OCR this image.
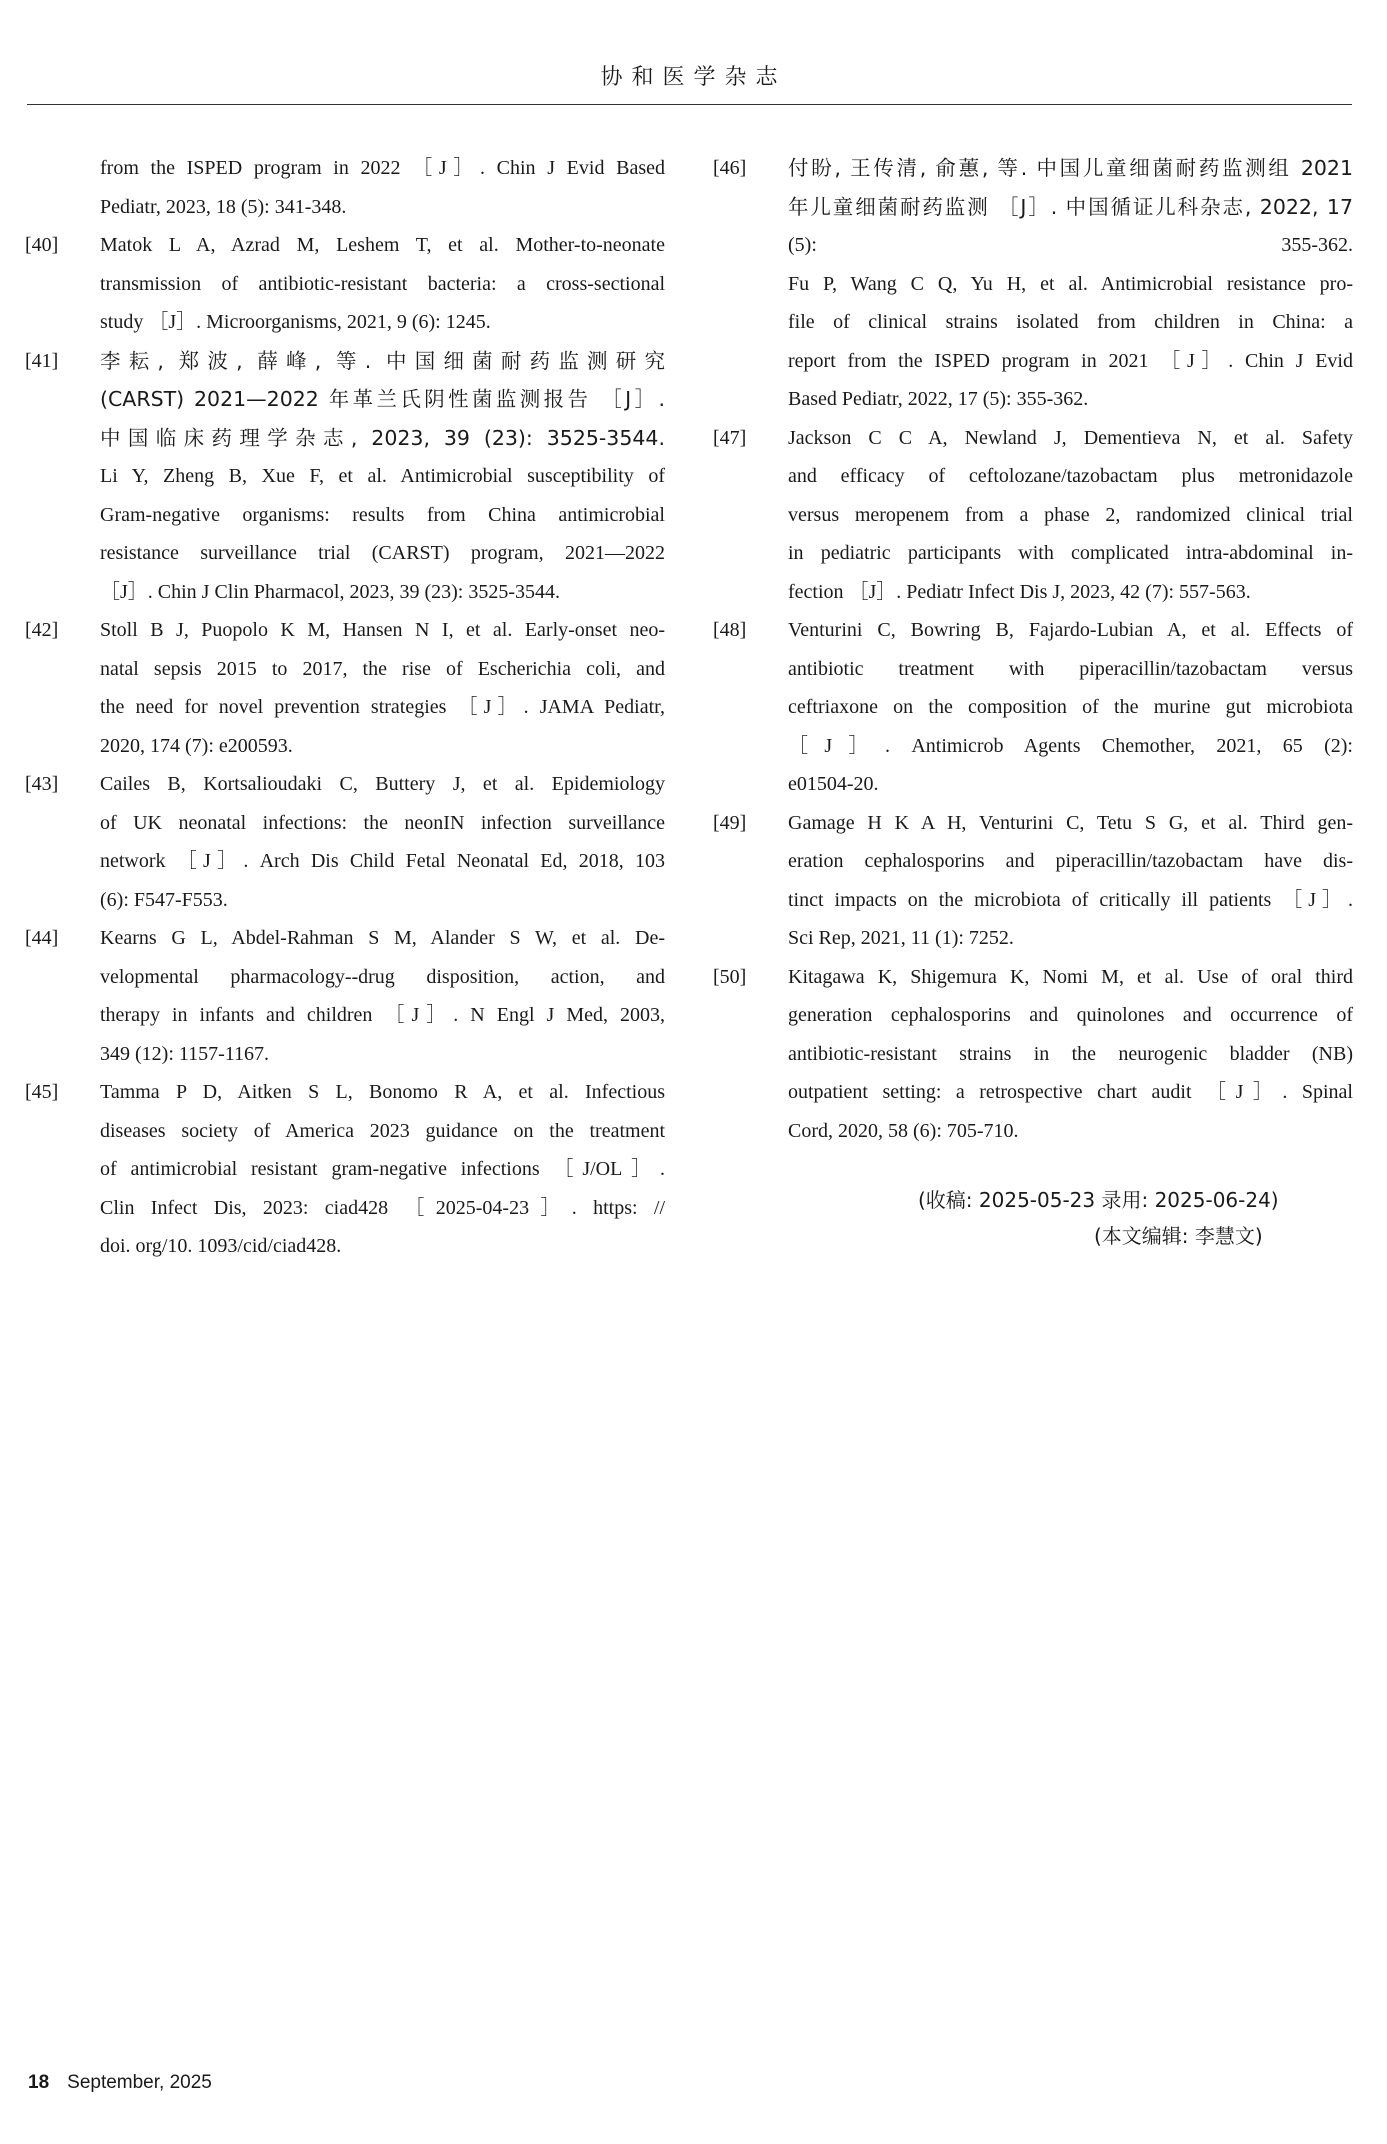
协和医学杂志
from the ISPED program in 2022 ［J］. Chin J Evid Based
Pediatr, 2023, 18 (5): 341-348.
[40]	Matok L A, Azrad M, Leshem T, et al. Mother-to-neonate
transmission of antibiotic-resistant bacteria: a cross-sectional
study ［J］. Microorganisms, 2021, 9 (6): 1245.
[41]	李耘, 郑波, 薛峰, 等. 中国细菌耐药监测研究
(CARST) 2021—2022 年革兰氏阴性菌监测报告 ［J］.
中国临床药理学杂志, 2023, 39 (23): 3525-3544.
Li Y, Zheng B, Xue F, et al. Antimicrobial susceptibility of
Gram-negative organisms: results from China antimicrobial
resistance surveillance trial (CARST) program, 2021—2022
［J］. Chin J Clin Pharmacol, 2023, 39 (23): 3525-3544.
[42]	Stoll B J, Puopolo K M, Hansen N I, et al. Early-onset neo-
natal sepsis 2015 to 2017, the rise of Escherichia coli, and
the need for novel prevention strategies ［J］. JAMA Pediatr,
2020, 174 (7): e200593.
[43]	Cailes B, Kortsalioudaki C, Buttery J, et al. Epidemiology
of UK neonatal infections: the neonIN infection surveillance
network ［J］. Arch Dis Child Fetal Neonatal Ed, 2018, 103
(6): F547-F553.
[44]	Kearns G L, Abdel-Rahman S M, Alander S W, et al. De-
velopmental pharmacology--drug disposition, action, and
therapy in infants and children ［J］. N Engl J Med, 2003,
349 (12): 1157-1167.
[45]	Tamma P D, Aitken S L, Bonomo R A, et al. Infectious
diseases society of America 2023 guidance on the treatment
of antimicrobial resistant gram-negative infections ［J/OL］.
Clin Infect Dis, 2023: ciad428 ［2025-04-23］. https: //
doi. org/10. 1093/cid/ciad428.
[46]	付盼, 王传清, 俞蕙, 等. 中国儿童细菌耐药监测组 2021
年儿童细菌耐药监测 ［J］. 中国循证儿科杂志, 2022, 17
(5): 355-362.
Fu P, Wang C Q, Yu H, et al. Antimicrobial resistance pro-
file of clinical strains isolated from children in China: a
report from the ISPED program in 2021 ［J］. Chin J Evid
Based Pediatr, 2022, 17 (5): 355-362.
[47]	Jackson C C A, Newland J, Dementieva N, et al. Safety
and efficacy of ceftolozane/tazobactam plus metronidazole
versus meropenem from a phase 2, randomized clinical trial
in pediatric participants with complicated intra-abdominal in-
fection ［J］. Pediatr Infect Dis J, 2023, 42 (7): 557-563.
[48]	Venturini C, Bowring B, Fajardo-Lubian A, et al. Effects of
antibiotic treatment with piperacillin/tazobactam versus
ceftriaxone on the composition of the murine gut microbiota
［J］. Antimicrob Agents Chemother, 2021, 65 (2):
e01504-20.
[49]	Gamage H K A H, Venturini C, Tetu S G, et al. Third gen-
eration cephalosporins and piperacillin/tazobactam have dis-
tinct impacts on the microbiota of critically ill patients ［J］.
Sci Rep, 2021, 11 (1): 7252.
[50]	Kitagawa K, Shigemura K, Nomi M, et al. Use of oral third
generation cephalosporins and quinolones and occurrence of
antibiotic-resistant strains in the neurogenic bladder (NB)
outpatient setting: a retrospective chart audit ［J］. Spinal
Cord, 2020, 58 (6): 705-710.
(收稿: 2025-05-23 录用: 2025-06-24)
(本文编辑: 李慧文)
18 September, 2025
